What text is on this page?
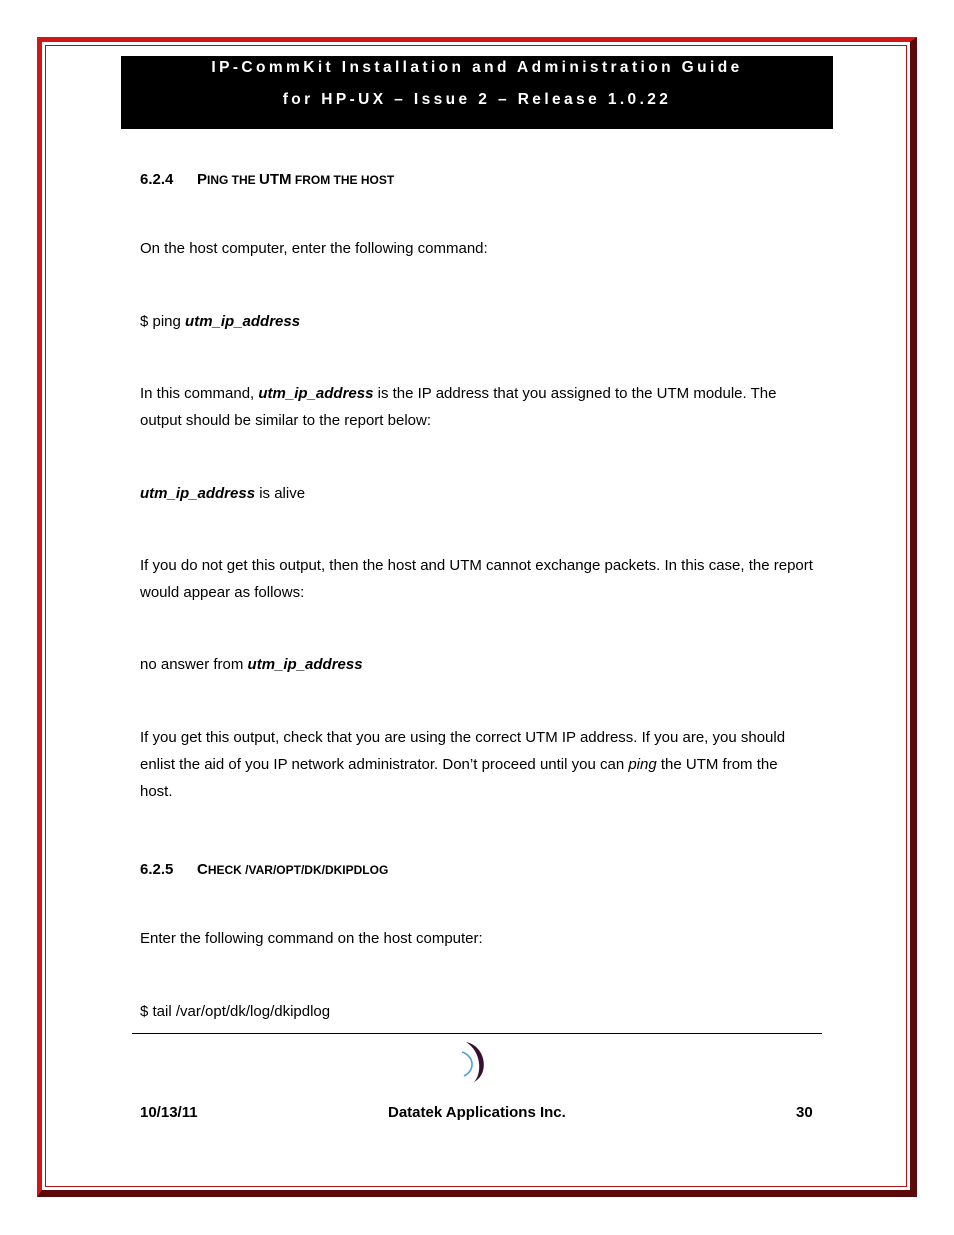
IP-CommKit Installation and Administration Guide
for HP-UX – Issue 2 – Release 1.0.22
6.2.4 PING THE UTM FROM THE HOST
On the host computer, enter the following command:
$ ping utm_ip_address
In this command, utm_ip_address is the IP address that you assigned to the UTM module. The output should be similar to the report below:
utm_ip_address is alive
If you do not get this output, then the host and UTM cannot exchange packets. In this case, the report would appear as follows:
no answer from utm_ip_address
If you get this output, check that you are using the correct UTM IP address. If you are, you should enlist the aid of you IP network administrator. Don’t proceed until you can ping the UTM from the host.
6.2.5 CHECK /VAR/OPT/DK/DKIPDLOG
Enter the following command on the host computer:
$ tail /var/opt/dk/log/dkipdlog
10/13/11	Datatek Applications Inc.	30
